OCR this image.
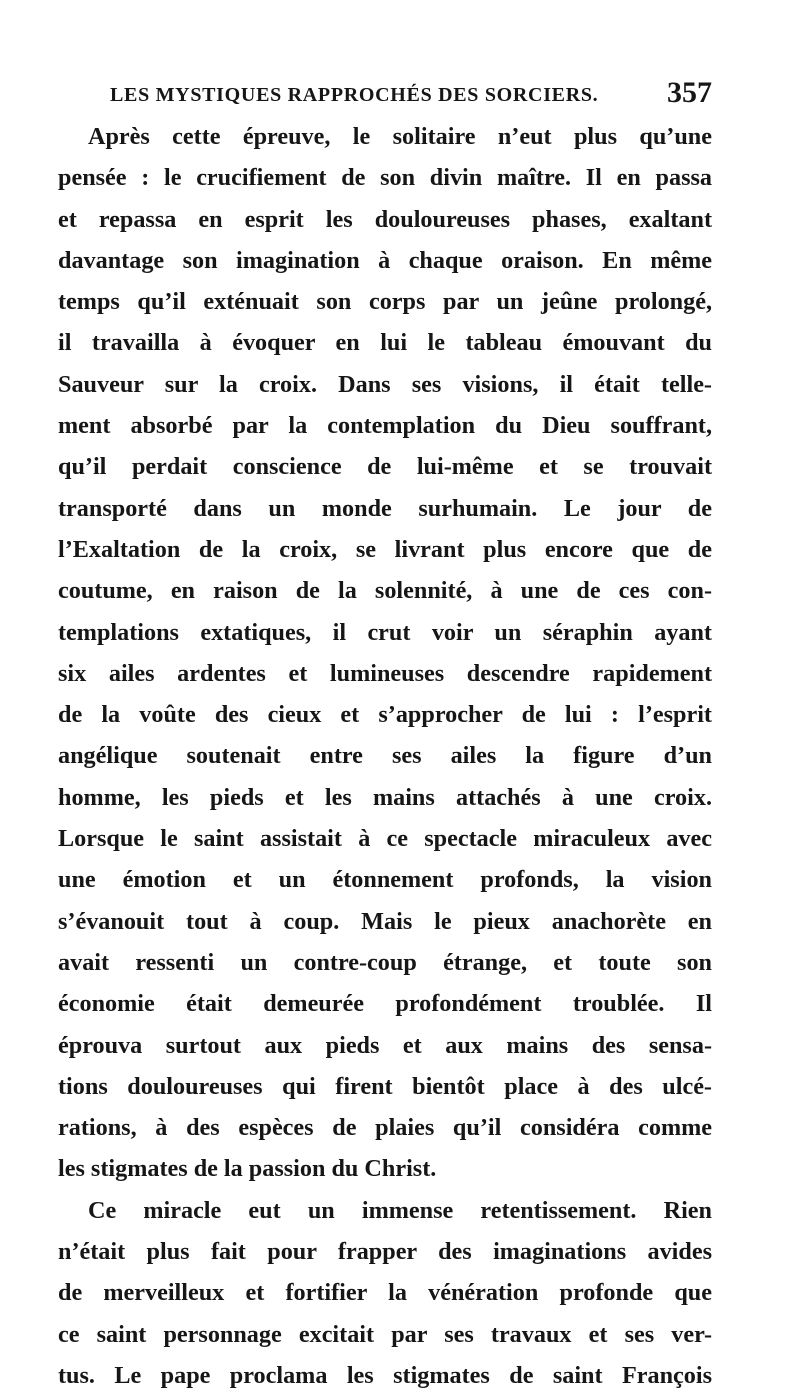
LES MYSTIQUES RAPPROCHÉS DES SORCIERS. 357
Après cette épreuve, le solitaire n’eut plus qu’une
pensée : le crucifiement de son divin maître. Il en passa
et repassa en esprit les douloureuses phases, exaltant
davantage son imagination à chaque oraison. En même
temps qu’il exténuait son corps par un jeûne prolongé,
il travailla à évoquer en lui le tableau émouvant du
Sauveur sur la croix. Dans ses visions, il était telle-
ment absorbé par la contemplation du Dieu souffrant,
qu’il perdait conscience de lui-même et se trouvait
transporté dans un monde surhumain. Le jour de
l’Exaltation de la croix, se livrant plus encore que de
coutume, en raison de la solennité, à une de ces con-
templations extatiques, il crut voir un séraphin ayant
six ailes ardentes et lumineuses descendre rapidement
de la voûte des cieux et s’approcher de lui : l’esprit
angélique soutenait entre ses ailes la figure d’un
homme, les pieds et les mains attachés à une croix.
Lorsque le saint assistait à ce spectacle miraculeux avec
une émotion et un étonnement profonds, la vision
s’évanouit tout à coup. Mais le pieux anachorète en
avait ressenti un contre-coup étrange, et toute son
économie était demeurée profondément troublée. Il
éprouva surtout aux pieds et aux mains des sensa-
tions douloureuses qui firent bientôt place à des ulcé-
rations, à des espèces de plaies qu’il considéra comme
les stigmates de la passion du Christ.
Ce miracle eut un immense retentissement. Rien
n’était plus fait pour frapper des imaginations avides
de merveilleux et fortifier la vénération profonde que
ce saint personnage excitait par ses travaux et ses ver-
tus. Le pape proclama les stigmates de saint François
